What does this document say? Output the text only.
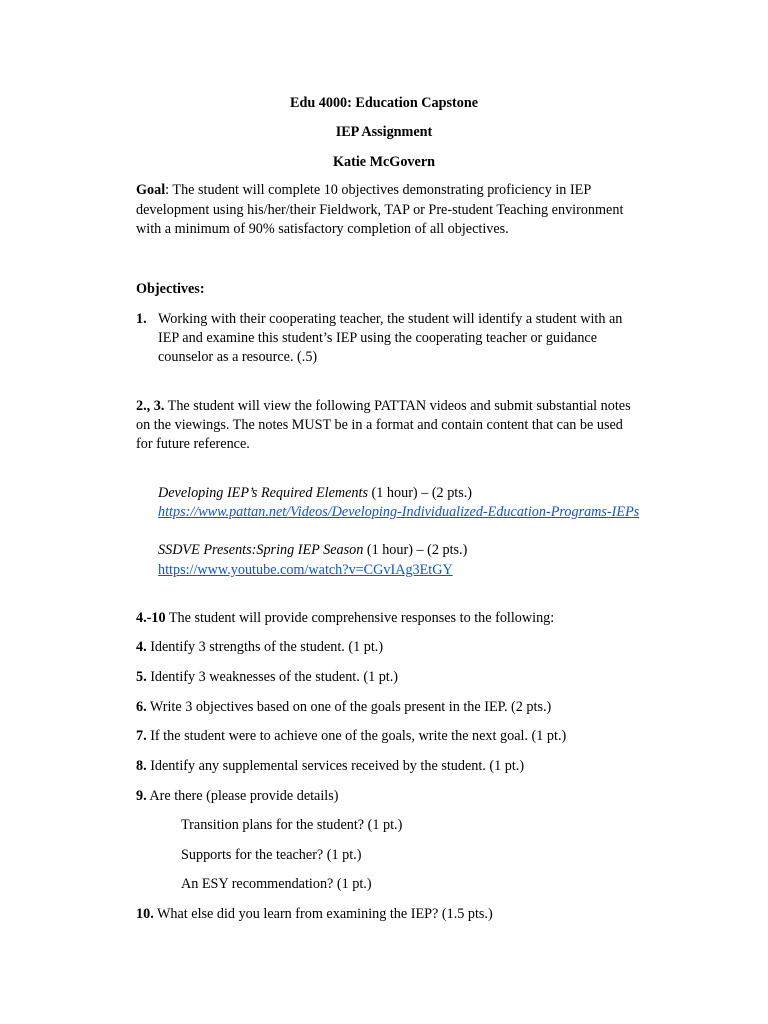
Edu 4000: Education Capstone
IEP Assignment
Katie McGovern
Goal: The student will complete 10 objectives demonstrating proficiency in IEP
development using his/her/their Fieldwork, TAP or Pre-student Teaching environment
with a minimum of 90% satisfactory completion of all objectives.
Objectives:
1. Working with their cooperating teacher, the student will identify a student with an
IEP and examine this student’s IEP using the cooperating teacher or guidance
counselor as a resource. (.5)
2., 3. The student will view the following PATTAN videos and submit substantial notes
on the viewings. The notes MUST be in a format and contain content that can be used
for future reference.
Developing IEP’s Required Elements (1 hour) – (2 pts.)
https://www.pattan.net/Videos/Developing-Individualized-Education-Programs-IEPs
SSDVE Presents:Spring IEP Season (1 hour) – (2 pts.)
https://www.youtube.com/watch?v=CGvIAg3EtGY
4.-10 The student will provide comprehensive responses to the following:
4. Identify 3 strengths of the student. (1 pt.)
5. Identify 3 weaknesses of the student. (1 pt.)
6. Write 3 objectives based on one of the goals present in the IEP. (2 pts.)
7. If the student were to achieve one of the goals, write the next goal. (1 pt.)
8. Identify any supplemental services received by the student. (1 pt.)
9. Are there (please provide details)
Transition plans for the student? (1 pt.)
Supports for the teacher? (1 pt.)
An ESY recommendation? (1 pt.)
10. What else did you learn from examining the IEP? (1.5 pts.)
